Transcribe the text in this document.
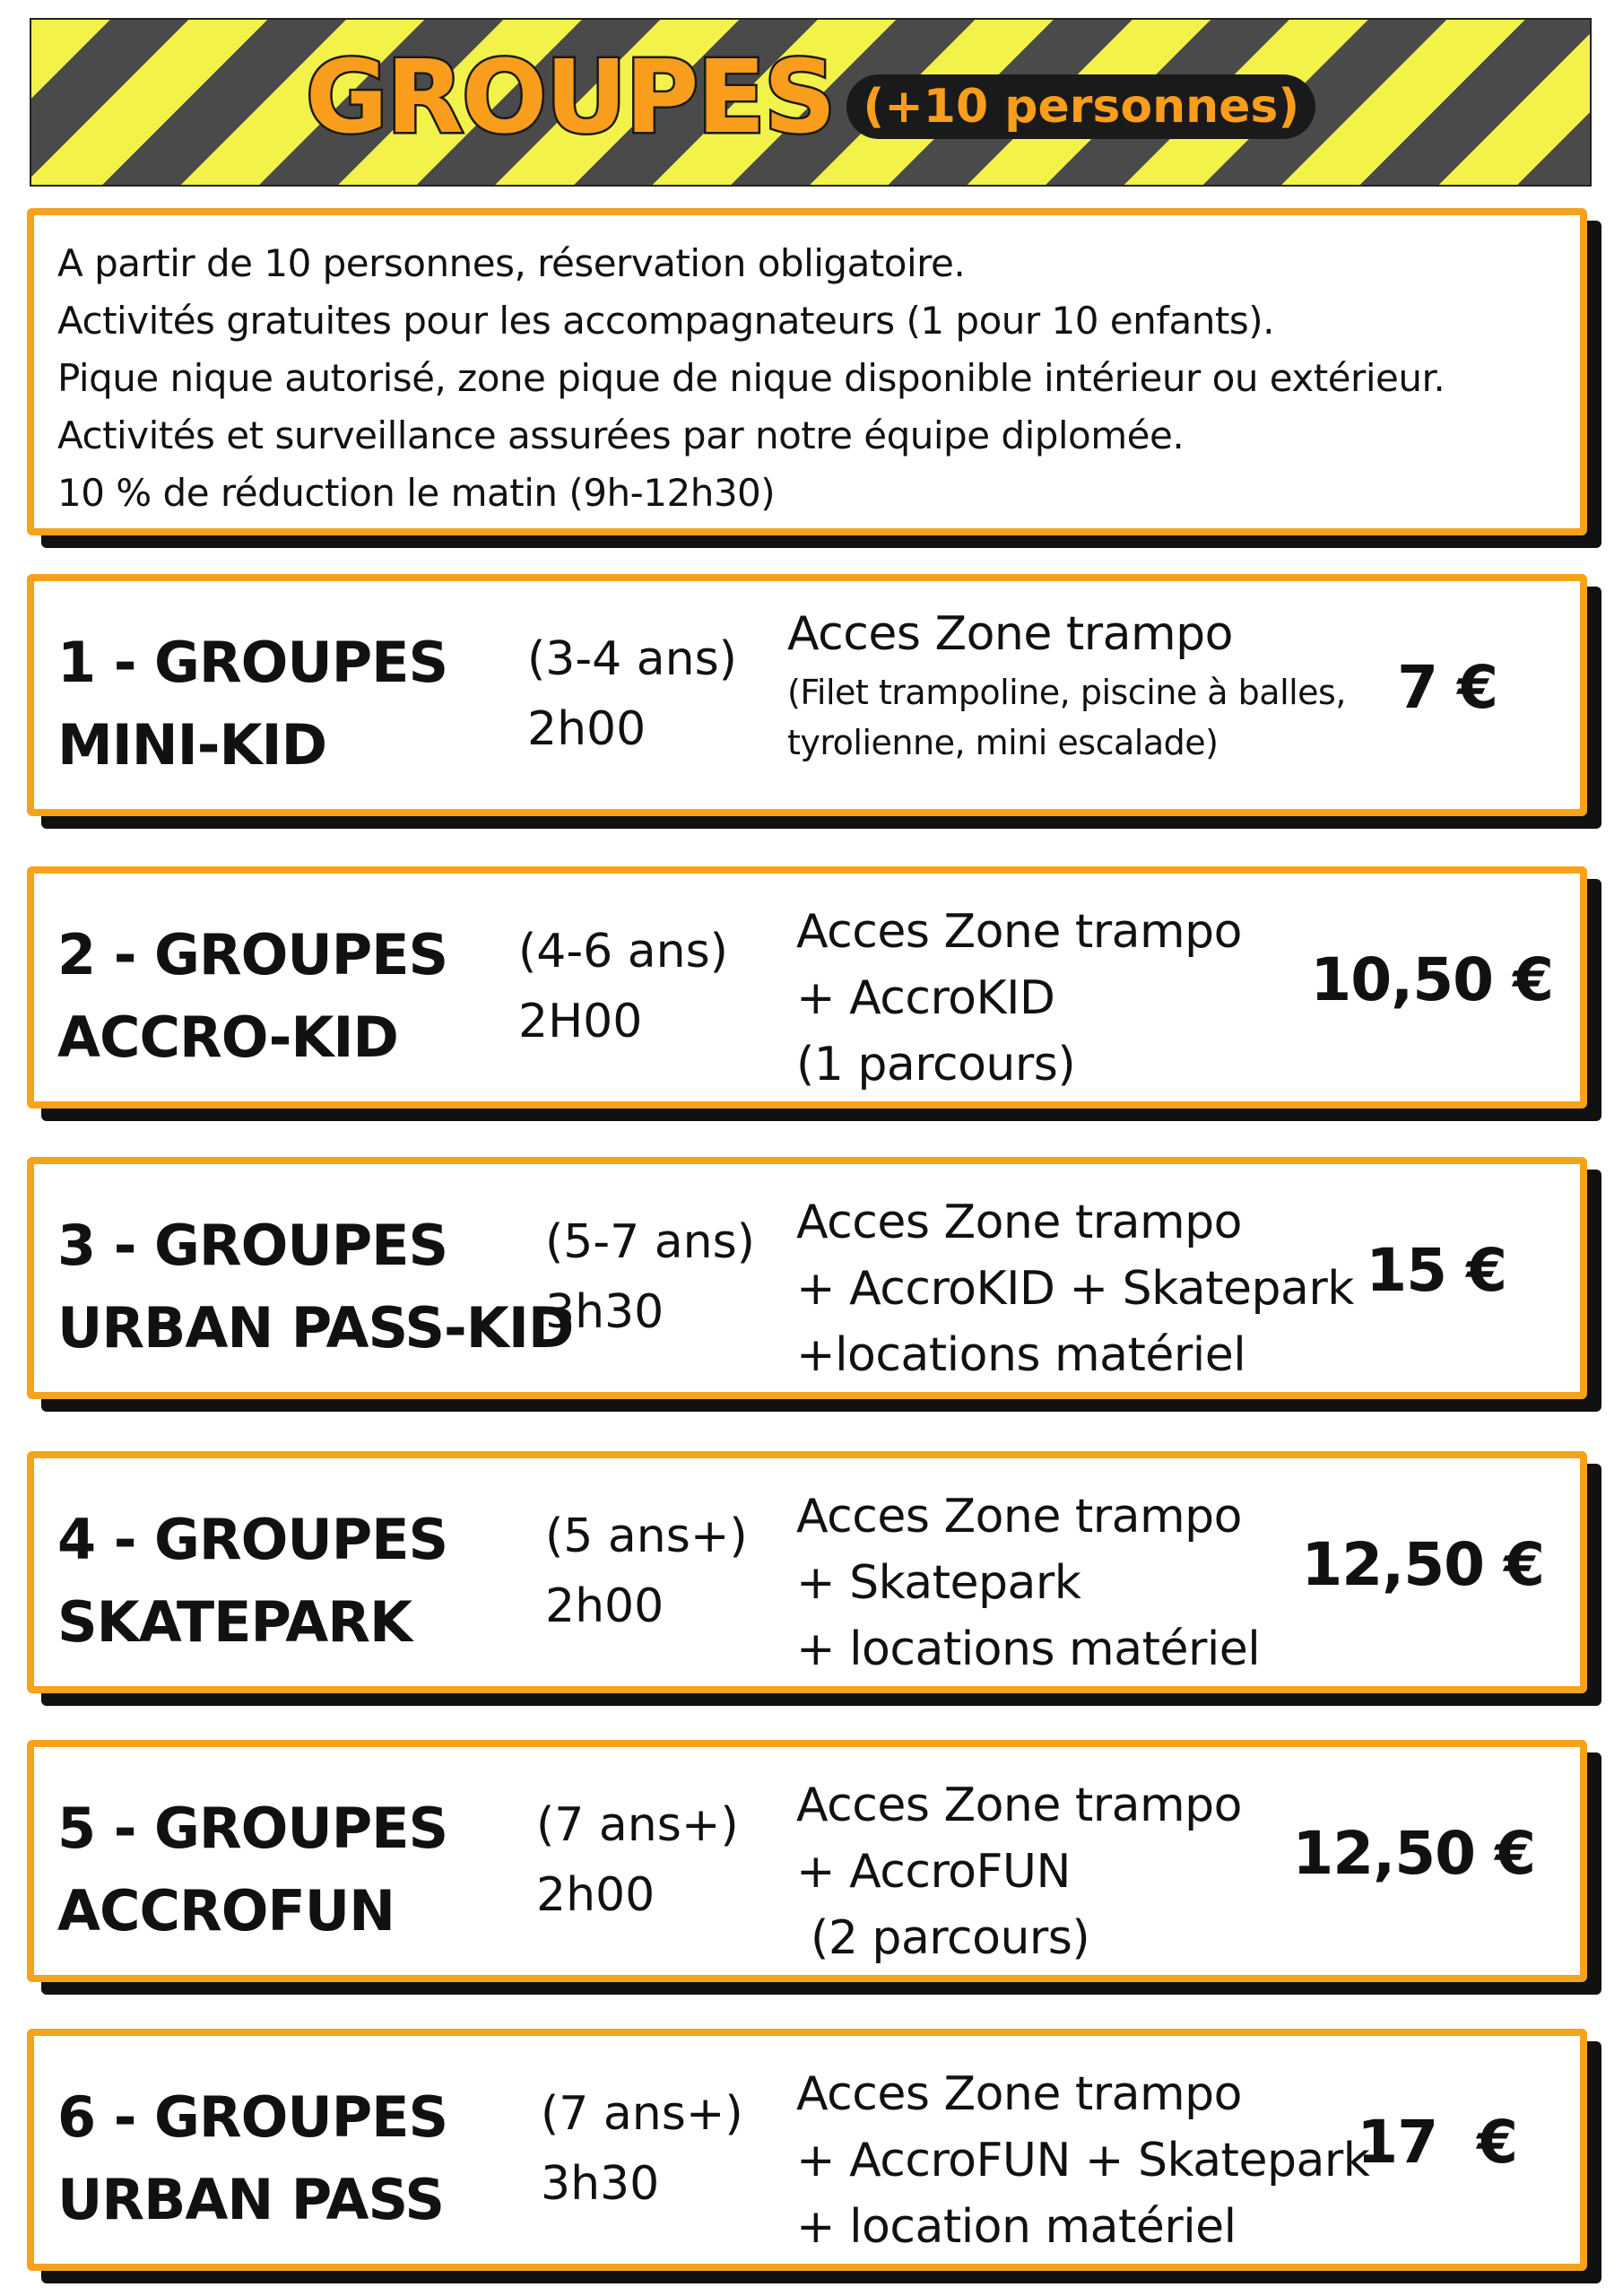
GROUPES (+10 personnes)
A partir de 10 personnes, réservation obligatoire.
Activités gratuites pour les accompagnateurs (1 pour 10 enfants).
Pique nique autorisé, zone pique de nique disponible intérieur ou extérieur.
Activités et surveillance assurées par notre équipe diplomée.
10 % de réduction le matin (9h-12h30)
1 - GROUPES
MINI-KID
(3-4 ans)
2h00
Acces Zone trampo
(Filet trampoline, piscine à balles,
tyrolienne, mini escalade)
7 €
2 - GROUPES
ACCRO-KID
(4-6 ans)
2H00
Acces Zone trampo
+ AccroKID
(1 parcours)
10,50 €
3 - GROUPES
URBAN PASS-KID
(5-7 ans)
3h30
Acces Zone trampo
+ AccroKID + Skatepark
+locations matériel
15 €
4 - GROUPES
SKATEPARK
(5 ans+)
2h00
Acces Zone trampo
+ Skatepark
+ locations matériel
12,50 €
5 - GROUPES
ACCROFUN
(7 ans+)
2h00
Acces Zone trampo
+ AccroFUN
(2 parcours)
12,50 €
6 - GROUPES
URBAN PASS
(7 ans+)
3h30
Acces Zone trampo
+ AccroFUN + Skatepark
+ location matériel
17  €
